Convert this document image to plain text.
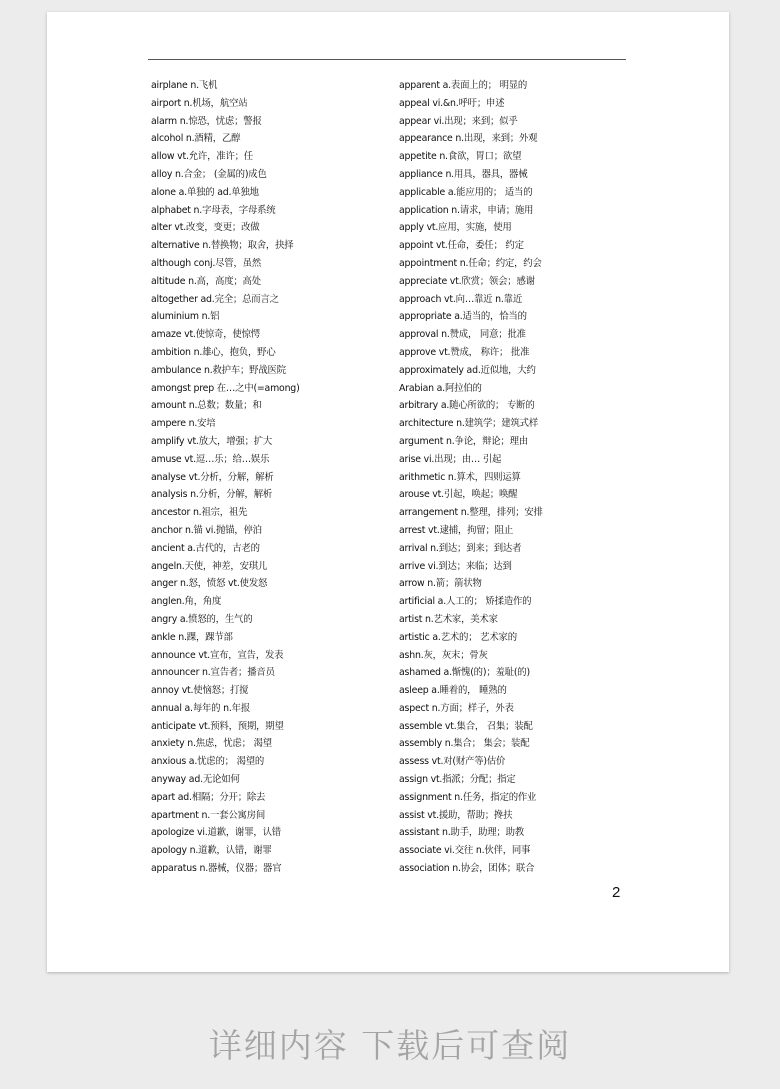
airplane n.飞机
airport n.机场，航空站
alarm n.惊恐，忧虑；警报
alcohol n.酒精，乙醇
allow vt.允许，准许；任
alloy n.合金； (金属的)成色
alone a.单独的 ad.单独地
alphabet n.字母表，字母系统
alter vt.改变，变更；改做
alternative n.替换物；取舍，抉择
although conj.尽管，虽然
altitude n.高，高度；高处
altogether ad.完全；总而言之
aluminium n.铝
amaze vt.使惊奇，使惊愕
ambition n.雄心，抱负，野心
ambulance n.救护车；野战医院
amongst prep 在…之中(=among)
amount n.总数；数量；和
ampere n.安培
amplify vt.放大，增强；扩大
amuse vt.逗…乐；给…娱乐
analyse vt.分析，分解，解析
analysis n.分析，分解，解析
ancestor n.祖宗，祖先
anchor n.锚 vi.抛锚，停泊
ancient a.古代的，古老的
angeln.天使，神差，安琪儿
anger n.怒，愤怒 vt.使发怒
anglen.角，角度
angry a.愤怒的，生气的
ankle n.踝，踝节部
announce vt.宣布，宣告，发表
announcer n.宣告者；播音员
annoy vt.使恼怒；打搅
annual a.每年的 n.年报
anticipate vt.预料，预期，期望
anxiety n.焦虑，忧虑； 渴望
anxious a.忧虑的； 渴望的
anyway ad.无论如何
apart ad.相隔；分开；除去
apartment n.一套公寓房间
apologize vi.道歉，谢罪，认错
apology n.道歉，认错，谢罪
apparatus n.器械，仪器；器官
apparent a.表面上的； 明显的
appeal vi.&n.呼吁；申述
appear vi.出现；来到；似乎
appearance n.出现，来到；外观
appetite n.食欲，胃口；欲望
appliance n.用具，器具，器械
applicable a.能应用的； 适当的
application n.请求，申请；施用
apply vt.应用，实施，使用
appoint vt.任命，委任； 约定
appointment n.任命；约定，约会
appreciate vt.欣赏；领会；感谢
approach vt.向…靠近 n.靠近
appropriate a.适当的，恰当的
approval n.赞成， 同意；批准
approve vt.赞成， 称许； 批准
approximately ad.近似地，大约
Arabian a.阿拉伯的
arbitrary a.随心所欲的； 专断的
architecture n.建筑学；建筑式样
argument n.争论，辩论；理由
arise vi.出现；由… 引起
arithmetic n.算术，四则运算
arouse vt.引起，唤起；唤醒
arrangement n.整理，排列；安排
arrest vt.逮捕，拘留；阻止
arrival n.到达；到来；到达者
arrive vi.到达；来临；达到
arrow n.箭；箭状物
artificial a.人工的； 矫揉造作的
artist n.艺术家，美术家
artistic a.艺术的； 艺术家的
ashn.灰，灰末；骨灰
ashamed a.惭愧(的)；羞耻(的)
asleep a.睡着的， 睡熟的
aspect n.方面；样子，外表
assemble vt.集合， 召集；装配
assembly n.集合； 集会；装配
assess vt.对(财产等)估价
assign vt.指派；分配；指定
assignment n.任务，指定的作业
assist vt.援助，帮助；搀扶
assistant n.助手，助理；助教
associate vi.交往 n.伙伴，同事
association n.协会，团体；联合
2
详细内容 下载后可查阅
